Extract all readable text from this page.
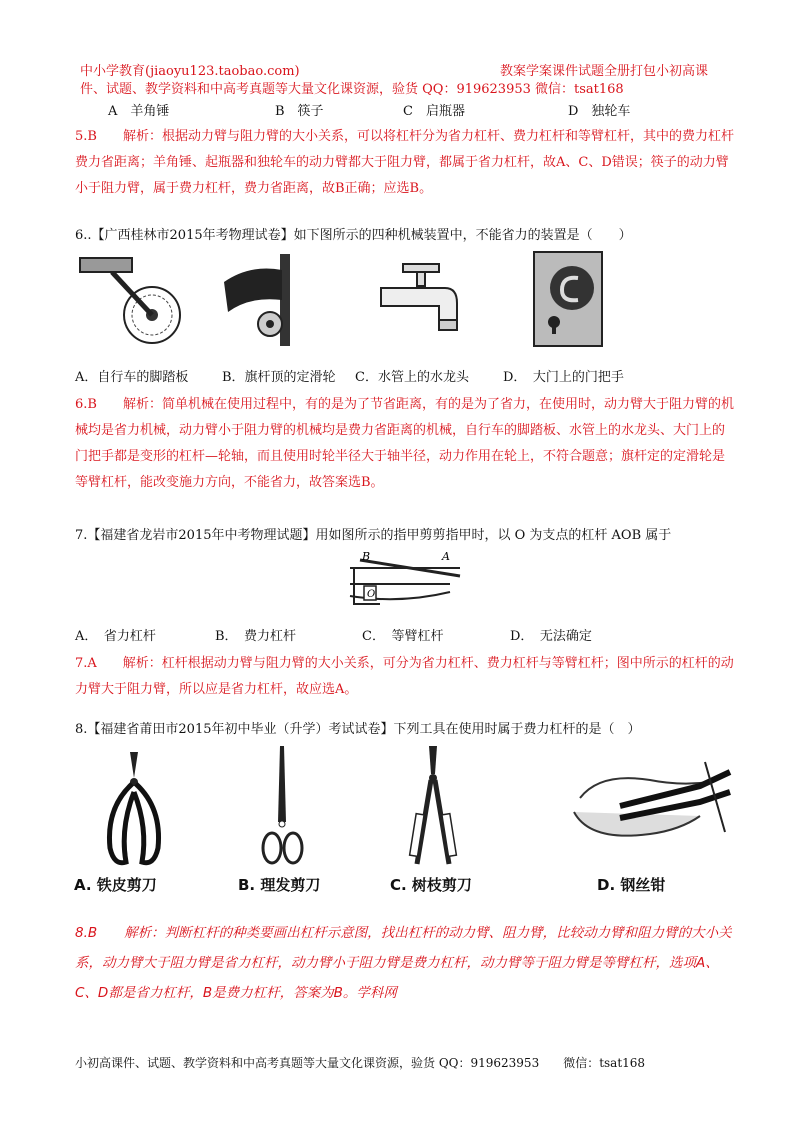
中小学教育(jiaoyu123.taobao.com)	教案学案课件试题全册打包小初高课
件、试题、教学资料和中高考真题等大量文化课资源，验货 QQ：919623953 微信：tsat168
A　羊角锤	B　筷子	C　启瓶器	D　独轮车
5.B　　解析：根据动力臂与阻力臂的大小关系，可以将杠杆分为省力杠杆、费力杠杆和等臂杠杆，其中的费力杠杆费力省距离；羊角锤、起瓶器和独轮车的动力臂都大于阻力臂，都属于省力杠杆，故A、C、D错误；筷子的动力臂小于阻力臂，属于费力杠杆，费力省距离，故B正确；应选B。
6..【广西桂林市2015年考物理试卷】如下图所示的四种机械装置中，不能省力的装置是（　　）
A．自行车的脚踏板	B．旗杆顶的定滑轮 C．水管上的水龙头	D．　大门上的门把手
6.B　　解析：简单机械在使用过程中，有的是为了节省距离，有的是为了省力，在使用时，动力臂大于阻力臂的机械均是省力机械，动力臂小于阻力臂的机械均是费力省距离的机械，自行车的脚踏板、水管上的水龙头、大门上的门把手都是变形的杠杆—轮轴，而且使用时轮半径大于轴半径，动力作用在轮上，不符合题意；旗杆定的定滑轮是等臂杠杆，能改变施力方向，不能省力，故答案选B。
7.【福建省龙岩市2015年中考物理试题】用如图所示的指甲剪剪指甲时，以 O 为支点的杠杆 AOB 属于
B	A
O
A．　省力杠杆	B．　费力杠杆	C．　等臂杠杆	D．　无法确定
7.A　　解析：杠杆根据动力臂与阻力臂的大小关系，可分为省力杠杆、费力杠杆与等臂杠杆；图中所示的杠杆的动力臂大于阻力臂，所以应是省力杠杆，故应选A。
8.【福建省莆田市2015年初中毕业（升学）考试试卷】下列工具在使用时属于费力杠杆的是（　）
A. 铁皮剪刀	B. 理发剪刀	C. 树枝剪刀	D. 钢丝钳
8.B　　解析：判断杠杆的种类要画出杠杆示意图，找出杠杆的动力臂、阻力臂，比较动力臂和阻力臂的大小关系，动力臂大于阻力臂是省力杠杆，动力臂小于阻力臂是费力杠杆，动力臂等于阻力臂是等臂杠杆，选项A、C、D都是省力杠杆，B是费力杠杆，答案为B。学科网
小初高课件、试题、教学资料和中高考真题等大量文化课资源，验货 QQ：919623953　　微信：tsat168
